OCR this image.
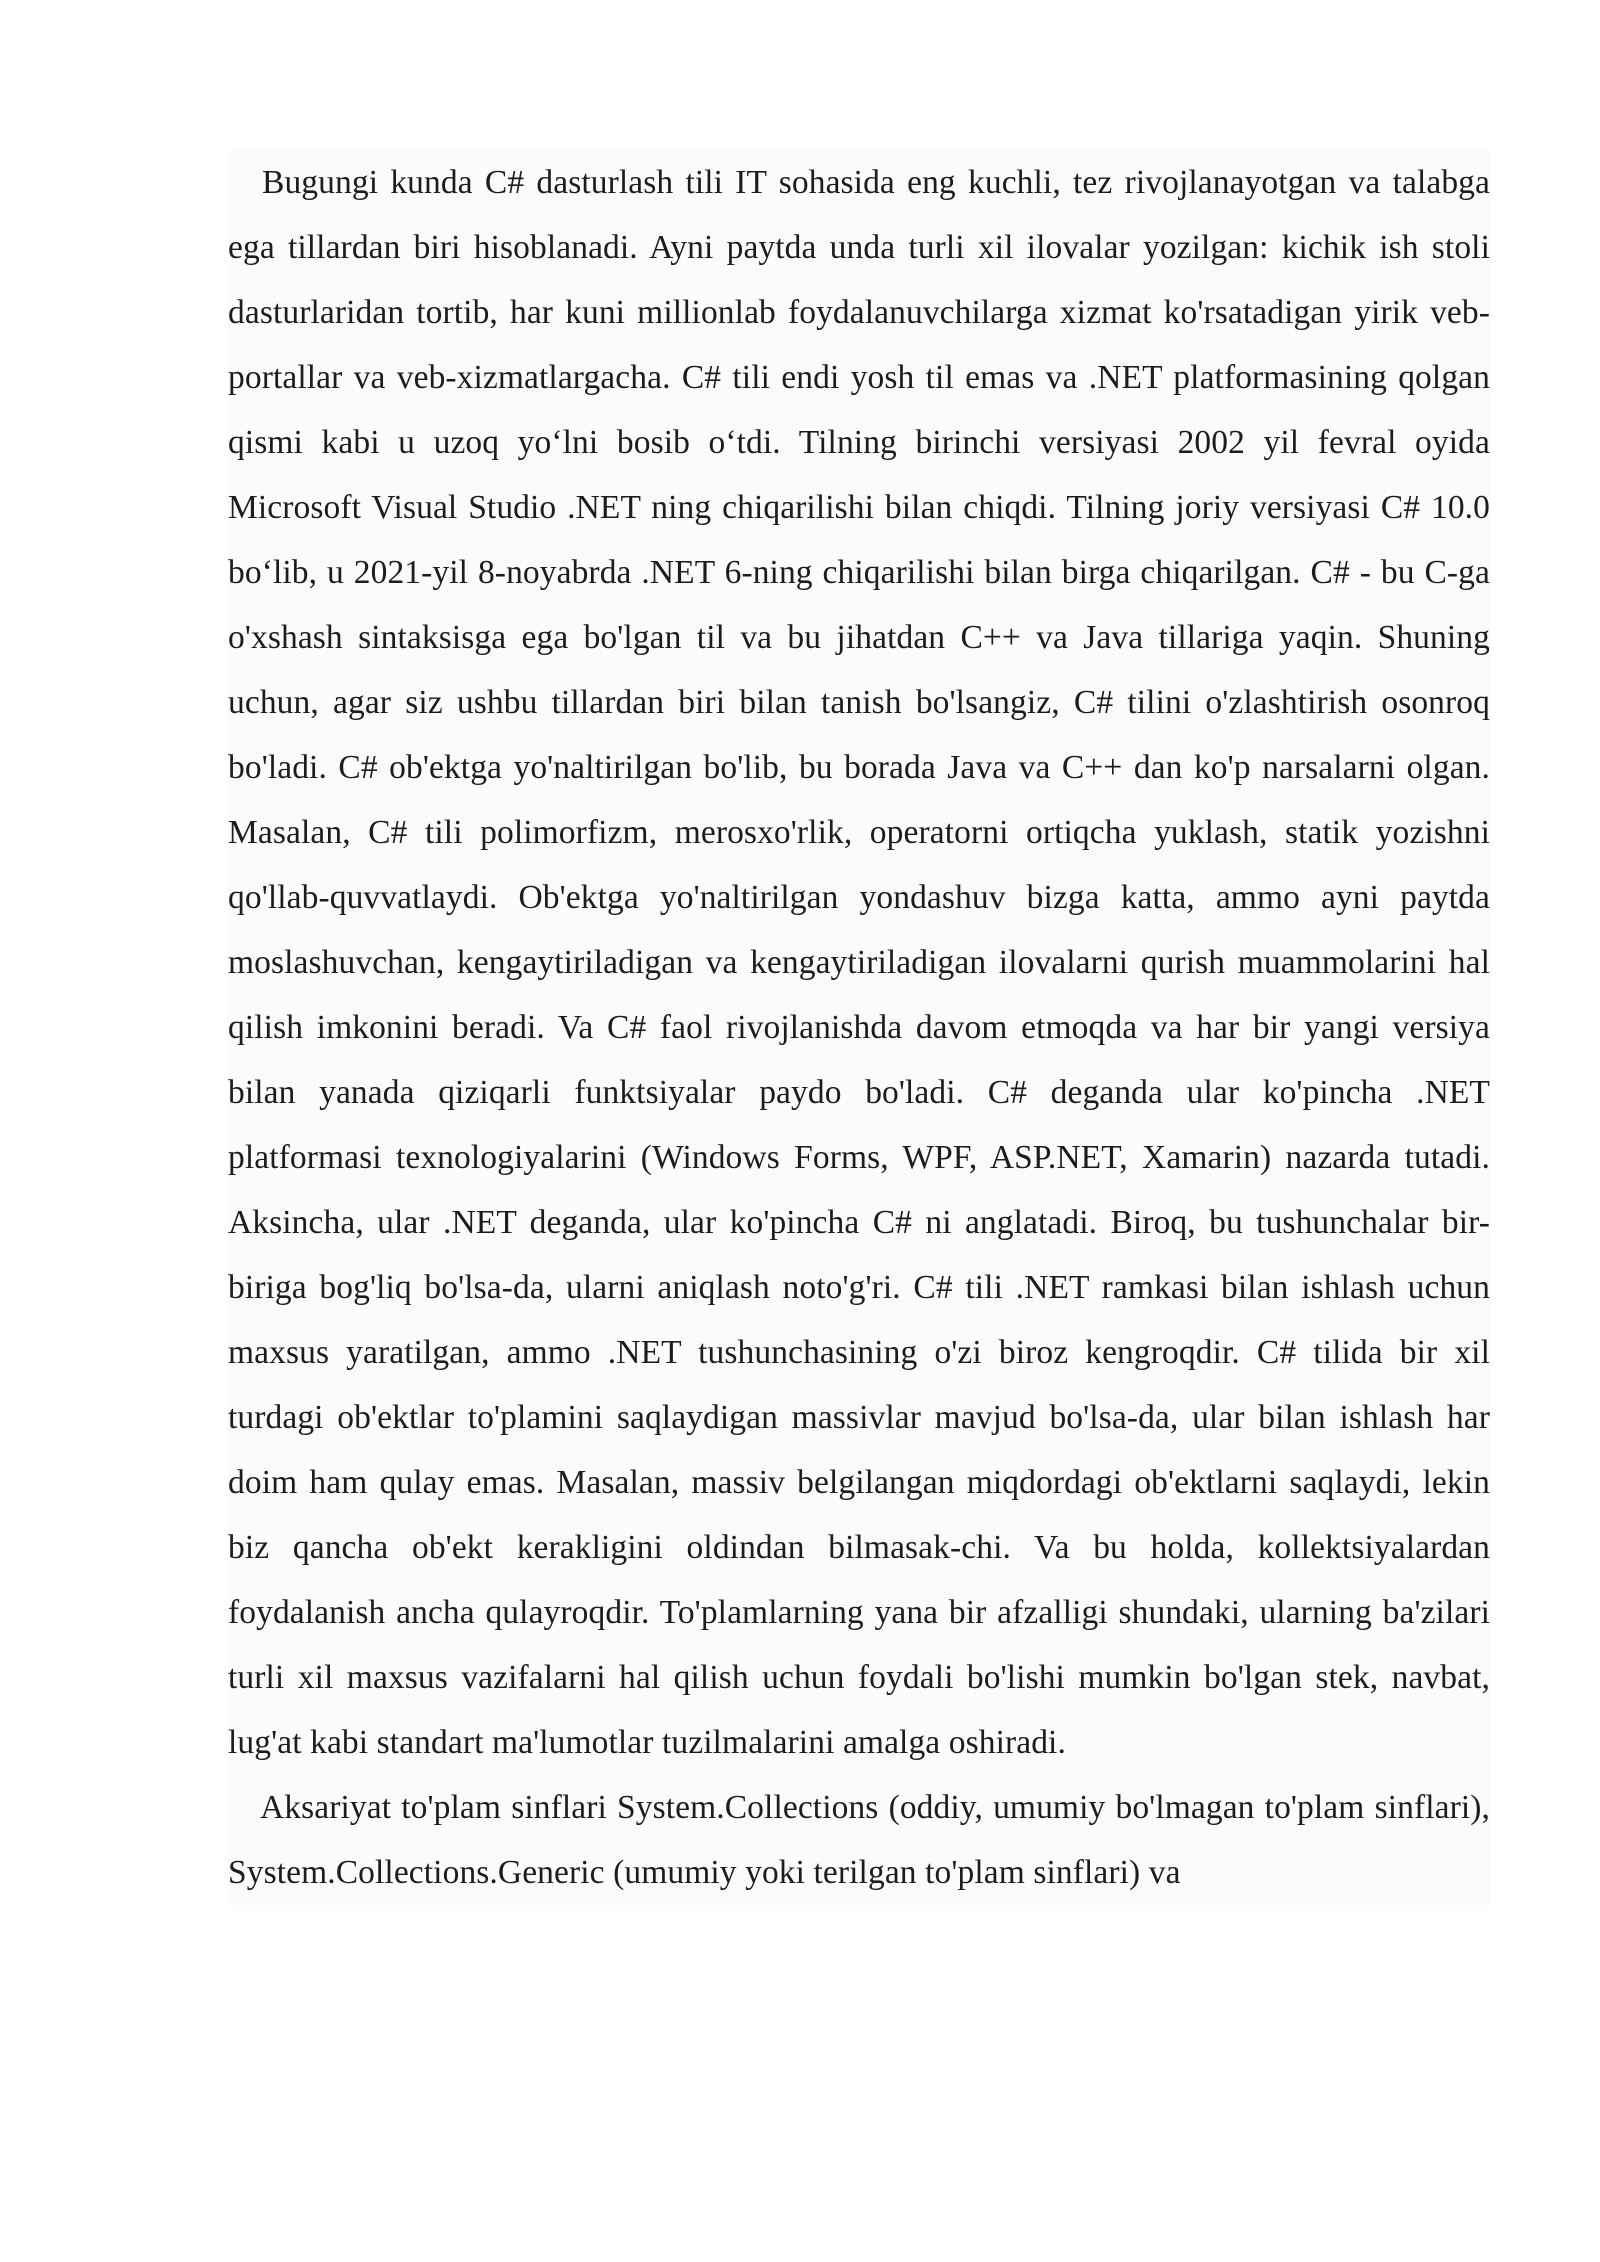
Bugungi kunda C# dasturlash tili IT sohasida eng kuchli, tez rivojlanayotgan va talabga ega tillardan biri hisoblanadi. Ayni paytda unda turli xil ilovalar yozilgan: kichik ish stoli dasturlaridan tortib, har kuni millionlab foydalanuvchilarga xizmat ko'rsatadigan yirik veb-portallar va veb-xizmatlargacha. C# tili endi yosh til emas va .NET platformasining qolgan qismi kabi u uzoq yo‘lni bosib o‘tdi. Tilning birinchi versiyasi 2002 yil fevral oyida Microsoft Visual Studio .NET ning chiqarilishi bilan chiqdi. Tilning joriy versiyasi C# 10.0 bo‘lib, u 2021-yil 8-noyabrda .NET 6-ning chiqarilishi bilan birga chiqarilgan. C# - bu C-ga o'xshash sintaksisga ega bo'lgan til va bu jihatdan C++ va Java tillariga yaqin. Shuning uchun, agar siz ushbu tillardan biri bilan tanish bo'lsangiz, C# tilini o'zlashtirish osonroq bo'ladi. C# ob'ektga yo'naltirilgan bo'lib, bu borada Java va C++ dan ko'p narsalarni olgan. Masalan, C# tili polimorfizm, merosxo'rlik, operatorni ortiqcha yuklash, statik yozishni qo'llab-quvvatlaydi. Ob'ektga yo'naltirilgan yondashuv bizga katta, ammo ayni paytda moslashuvchan, kengaytiriladigan va kengaytiriladigan ilovalarni qurish muammolarini hal qilish imkonini beradi. Va C# faol rivojlanishda davom etmoqda va har bir yangi versiya bilan yanada qiziqarli funktsiyalar paydo bo'ladi. C# deganda ular ko'pincha .NET platformasi texnologiyalarini (Windows Forms, WPF, ASP.NET, Xamarin) nazarda tutadi. Aksincha, ular .NET deganda, ular ko'pincha C# ni anglatadi. Biroq, bu tushunchalar bir-biriga bog'liq bo'lsa-da, ularni aniqlash noto'g'ri. C# tili .NET ramkasi bilan ishlash uchun maxsus yaratilgan, ammo .NET tushunchasining o'zi biroz kengroqdir. C# tilida bir xil turdagi ob'ektlar to'plamini saqlaydigan massivlar mavjud bo'lsa-da, ular bilan ishlash har doim ham qulay emas. Masalan, massiv belgilangan miqdordagi ob'ektlarni saqlaydi, lekin biz qancha ob'ekt kerakligini oldindan bilmasak-chi. Va bu holda, kollektsiyalardan foydalanish ancha qulayroqdir. To'plamlarning yana bir afzalligi shundaki, ularning ba'zilari turli xil maxsus vazifalarni hal qilish uchun foydali bo'lishi mumkin bo'lgan stek, navbat, lug'at kabi standart ma'lumotlar tuzilmalarini amalga oshiradi.

Aksariyat to'plam sinflari System.Collections (oddiy, umumiy bo'lmagan to'plam sinflari), System.Collections.Generic (umumiy yoki terilgan to'plam sinflari) va
